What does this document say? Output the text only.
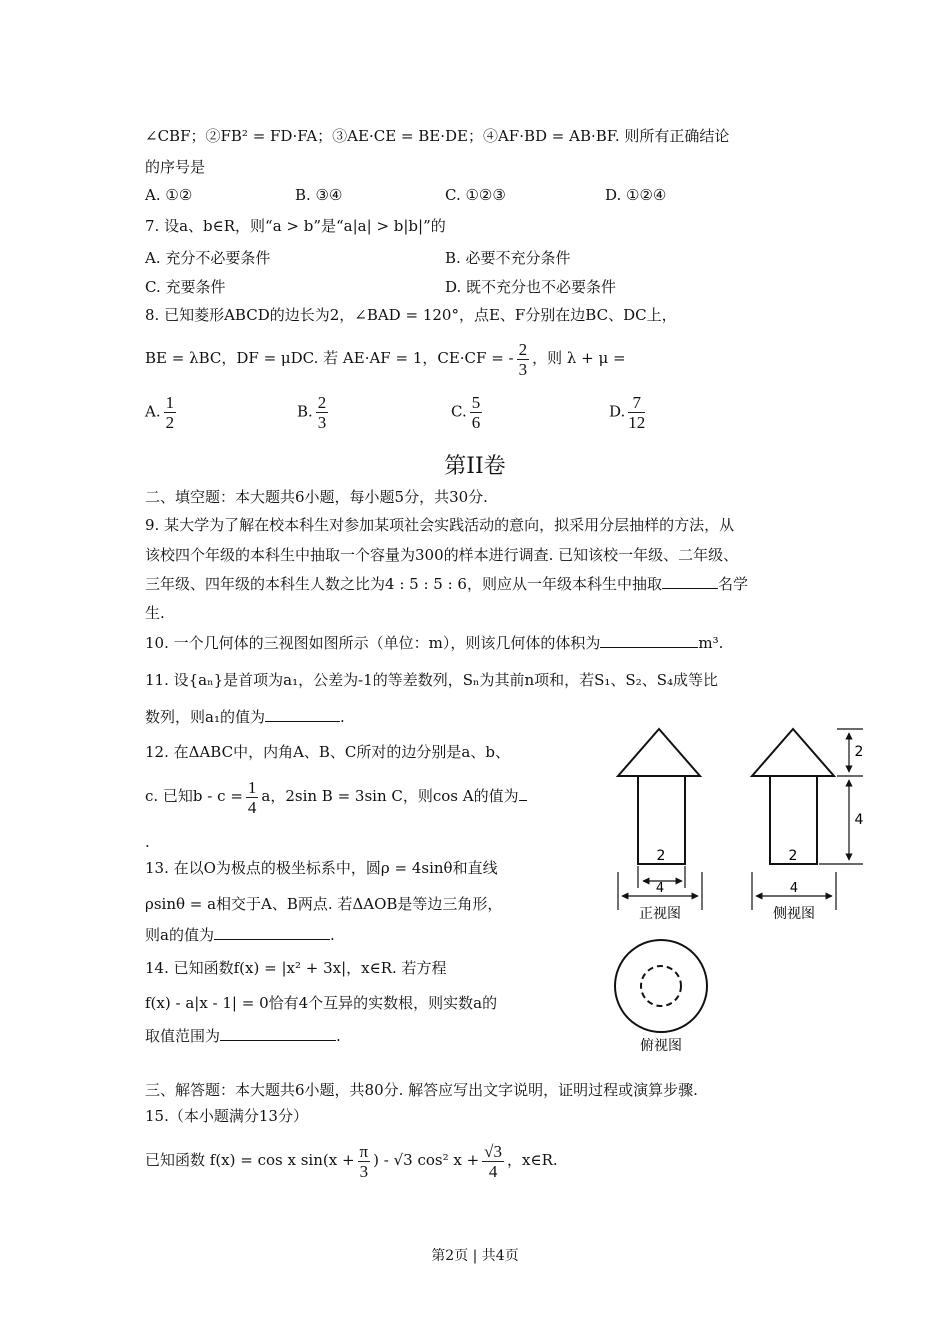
∠CBF；②FB² = FD·FA；③AE·CE = BE·DE；④AF·BD = AB·BF. 则所有正确结论
的序号是
A. ①②	B. ③④	C. ①②③	D. ①②④
7. 设a、b∈R，则“a > b”是“a|a| > b|b|”的
A. 充分不必要条件	B. 必要不充分条件
C. 充要条件	D. 既不充分也不必要条件
8. 已知菱形ABCD的边长为2，∠BAD = 120°，点E、F分别在边BC、DC上，
BE = λBC，DF = μDC. 若 AE·AF = 1，CE·CF = - $\frac{2}{3}$ ，则 λ + μ =
A. $\frac{1}{2}$	B. $\frac{2}{3}$	C. $\frac{5}{6}$	D. $\frac{7}{12}$
第II卷
二、填空题：本大题共6小题，每小题5分，共30分.
9. 某大学为了解在校本科生对参加某项社会实践活动的意向，拟采用分层抽样的方法，从
该校四个年级的本科生中抽取一个容量为300的样本进行调查. 已知该校一年级、二年级、
三年级、四年级的本科生人数之比为4 : 5 : 5 : 6，则应从一年级本科生中抽取	名学
生.
10. 一个几何体的三视图如图所示（单位：m），则该几何体的体积为	m³.
11. 设{aₙ}是首项为a₁，公差为-1的等差数列，Sₙ为其前n项和，若S₁、S₂、S₄成等比
数列，则a₁的值为	.
12. 在ΔABC中，内角A、B、C所对的边分别是a、b、
c. 已知$b - c = \frac{1}{4}$ a，2sin B = 3sin C，则cos A的值为
.
13. 在以O为极点的极坐标系中，圆ρ = 4sinθ和直线
ρsinθ = a相交于A、B两点. 若ΔAOB是等边三角形，
则a的值为	.
14. 已知函数f(x) = |x² + 3x|，x∈R. 若方程
f(x) - a|x - 1| = 0恰有4个互异的实数根，则实数a的
取值范围为	.
2
4
正视图
2
4
侧视图
2
4
俯视图
三、解答题：本大题共6小题，共80分. 解答应写出文字说明，证明过程或演算步骤.
15.（本小题满分13分）
已知函数 f(x) = cos x $\sin(x + \frac{\pi}{3}$ ) - √3 cos² $x + \frac{√3}{4}$ ，x∈R.
第2页 | 共4页
